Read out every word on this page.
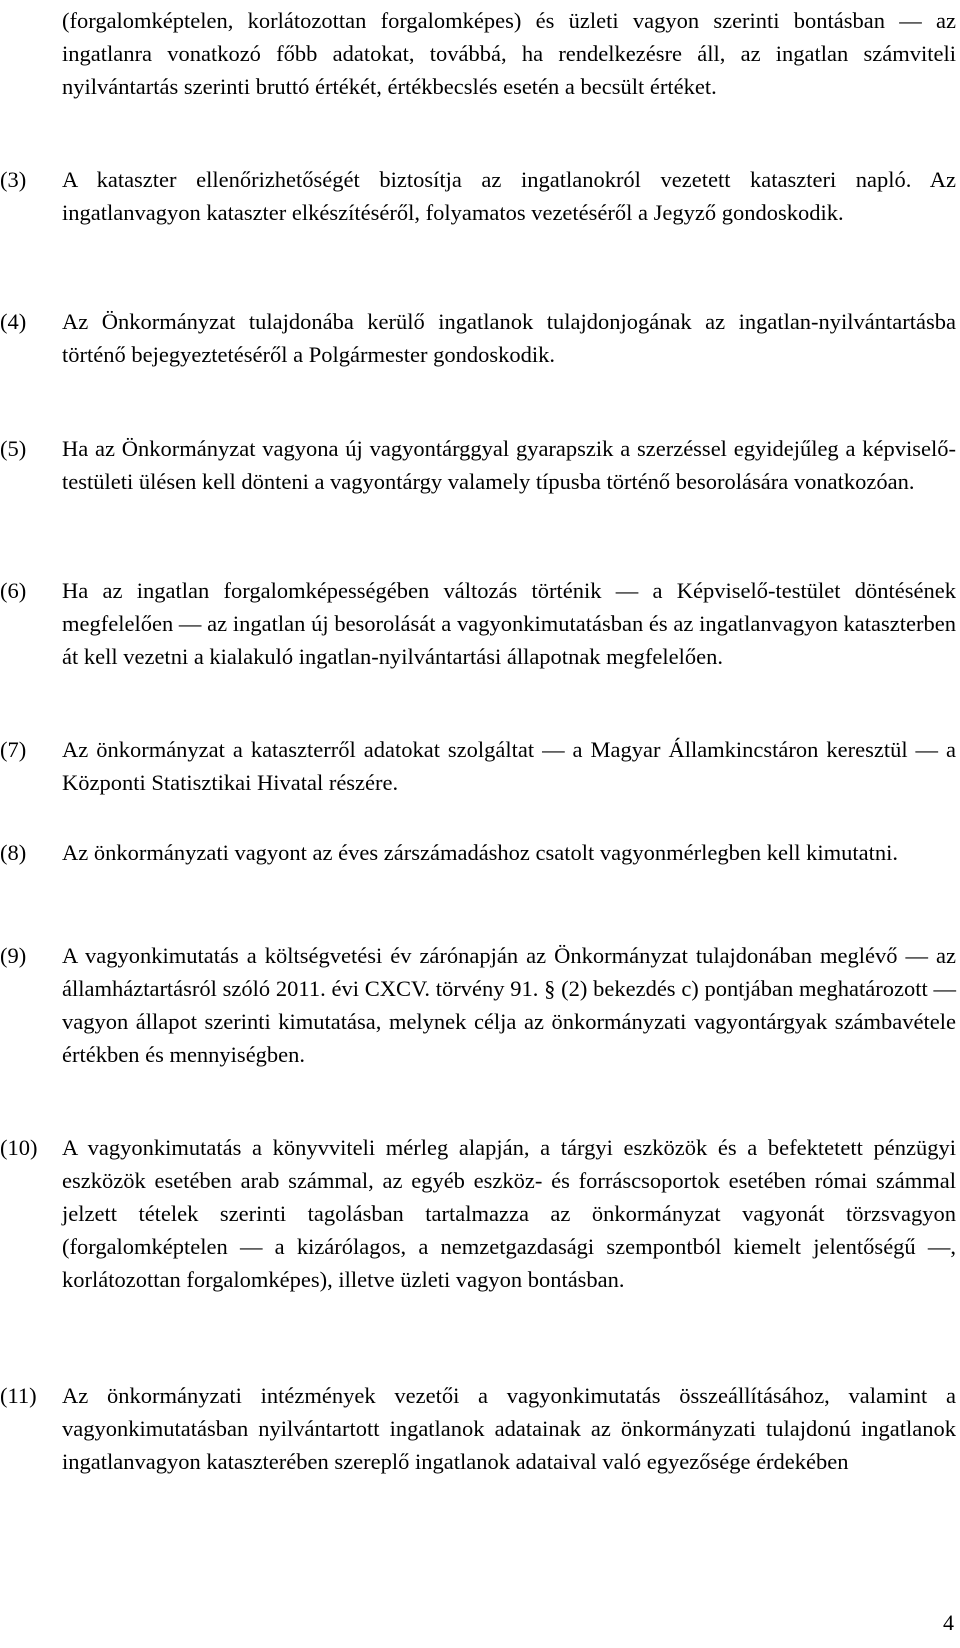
(forgalomképtelen, korlátozottan forgalomképes) és üzleti vagyon szerinti bontásban — az ingatlanra vonatkozó főbb adatokat, továbbá, ha rendelkezésre áll, az ingatlan számviteli nyilvántartás szerinti bruttó értékét, értékbecslés esetén a becsült értéket.

(3) A kataszter ellenőrizhetőségét biztosítja az ingatlanokról vezetett kataszteri napló. Az ingatlanvagyon kataszter elkészítéséről, folyamatos vezetéséről a Jegyző gondoskodik.

(4) Az Önkormányzat tulajdonába kerülő ingatlanok tulajdonjogának az ingatlan-nyilvántartásba történő bejegyeztetéséről a Polgármester gondoskodik.

(5) Ha az Önkormányzat vagyona új vagyontárggyal gyarapszik a szerzéssel egyidejűleg a képviselő-testületi ülésen kell dönteni a vagyontárgy valamely típusba történő besorolására vonatkozóan.

(6) Ha az ingatlan forgalomképességében változás történik — a Képviselő-testület döntésének megfelelően — az ingatlan új besorolását a vagyonkimutatásban és az ingatlanvagyon kataszterben át kell vezetni a kialakuló ingatlan-nyilvántartási állapotnak megfelelően.

(7) Az önkormányzat a kataszterről adatokat szolgáltat — a Magyar Államkincstáron keresztül — a Központi Statisztikai Hivatal részére.

(8) Az önkormányzati vagyont az éves zárszámadáshoz csatolt vagyonmérlegben kell kimutatni.

(9) A vagyonkimutatás a költségvetési év zárónapján az Önkormányzat tulajdonában meglévő — az államháztartásról szóló 2011. évi CXCV. törvény 91. § (2) bekezdés c) pontjában meghatározott — vagyon állapot szerinti kimutatása, melynek célja az önkormányzati vagyontárgyak számbavétele értékben és mennyiségben.

(10) A vagyonkimutatás a könyvviteli mérleg alapján, a tárgyi eszközök és a befektetett pénzügyi eszközök esetében arab számmal, az egyéb eszköz- és forráscsoportok esetében római számmal jelzett tételek szerinti tagolásban tartalmazza az önkormányzat vagyonát törzsvagyon (forgalomképtelen — a kizárólagos, a nemzetgazdasági szempontból kiemelt jelentőségű —, korlátozottan forgalomképes), illetve üzleti vagyon bontásban.

(11) Az önkormányzati intézmények vezetői a vagyonkimutatás összeállításához, valamint a vagyonkimutatásban nyilvántartott ingatlanok adatainak az önkormányzati tulajdonú ingatlanok ingatlanvagyon kataszterében szereplő ingatlanok adataival való egyezősége érdekében

4
